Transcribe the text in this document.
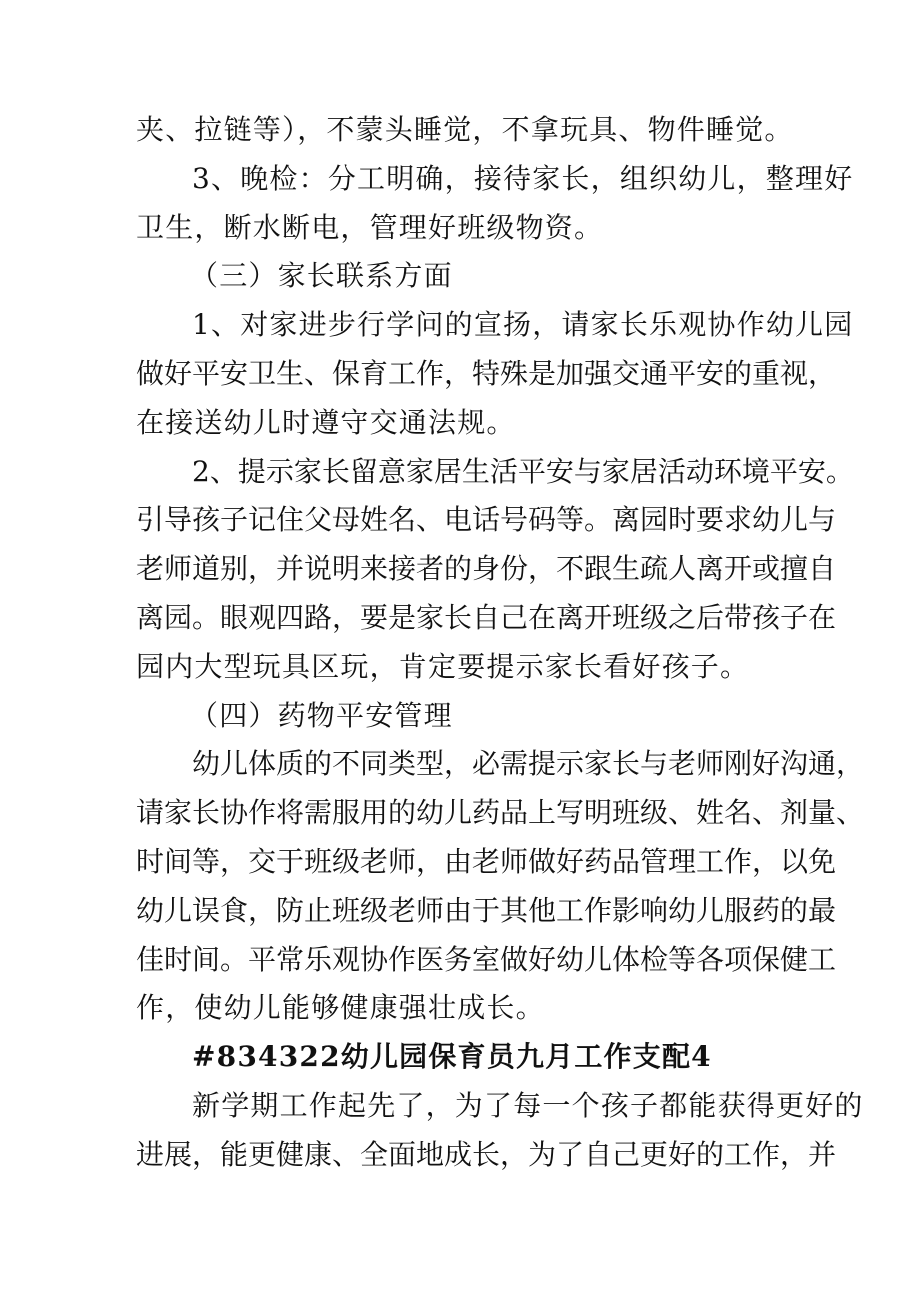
夹、拉链等），不蒙头睡觉，不拿玩具、物件睡觉。

3、晚检：分工明确，接待家长，组织幼儿，整理好

卫生，断水断电，管理好班级物资。

（三）家长联系方面

1、对家进步行学问的宣扬，请家长乐观协作幼儿园

做好平安卫生、保育工作，特殊是加强交通平安的重视，

在接送幼儿时遵守交通法规。

2、提示家长留意家居生活平安与家居活动环境平安。

引导孩子记住父母姓名、电话号码等。离园时要求幼儿与

老师道别，并说明来接者的身份，不跟生疏人离开或擅自

离园。眼观四路，要是家长自己在离开班级之后带孩子在

园内大型玩具区玩，肯定要提示家长看好孩子。

（四）药物平安管理

幼儿体质的不同类型，必需提示家长与老师刚好沟通，

请家长协作将需服用的幼儿药品上写明班级、姓名、剂量、

时间等，交于班级老师，由老师做好药品管理工作，以免

幼儿误食，防止班级老师由于其他工作影响幼儿服药的最

佳时间。平常乐观协作医务室做好幼儿体检等各项保健工

作，使幼儿能够健康强壮成长。

#834322幼儿园保育员九月工作支配4

新学期工作起先了，为了每一个孩子都能获得更好的

进展，能更健康、全面地成长，为了自己更好的工作，并
